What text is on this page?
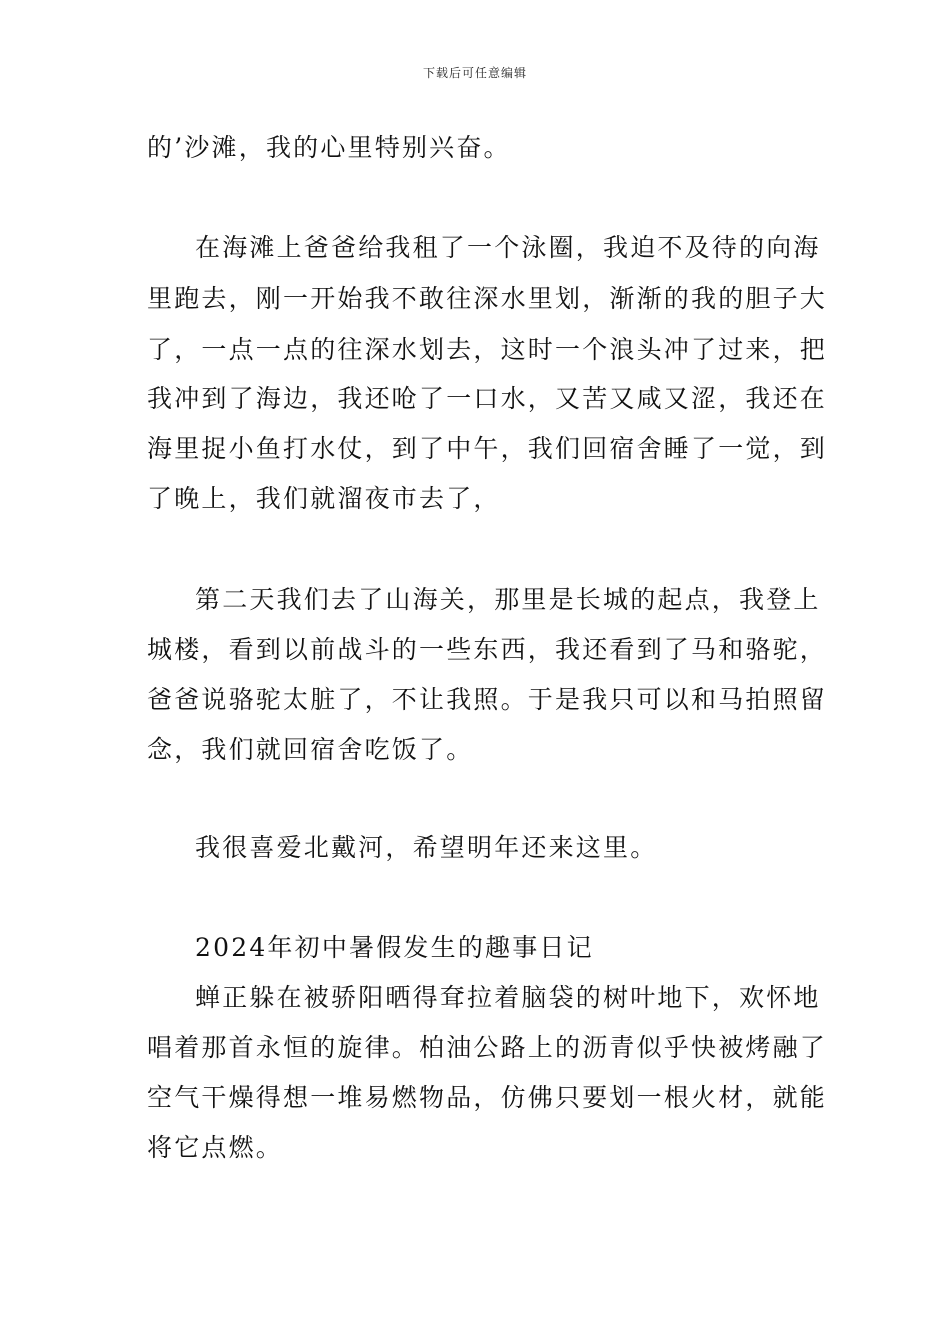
下载后可任意编辑
的’沙滩，我的心里特别兴奋。
在海滩上爸爸给我租了一个泳圈，我迫不及待的向海
里跑去，刚一开始我不敢往深水里划，渐渐的我的胆子大
了，一点一点的往深水划去，这时一个浪头冲了过来，把
我冲到了海边，我还呛了一口水，又苦又咸又涩，我还在
海里捉小鱼打水仗，到了中午，我们回宿舍睡了一觉，到
了晚上，我们就溜夜市去了，
第二天我们去了山海关，那里是长城的起点，我登上
城楼，看到以前战斗的一些东西，我还看到了马和骆驼，
爸爸说骆驼太脏了，不让我照。于是我只可以和马拍照留
念，我们就回宿舍吃饭了。
我很喜爱北戴河，希望明年还来这里。
2024年初中暑假发生的趣事日记
蝉正躲在被骄阳晒得耷拉着脑袋的树叶地下，欢怀地
唱着那首永恒的旋律。柏油公路上的沥青似乎快被烤融了
空气干燥得想一堆易燃物品，仿佛只要划一根火材，就能
将它点燃。
